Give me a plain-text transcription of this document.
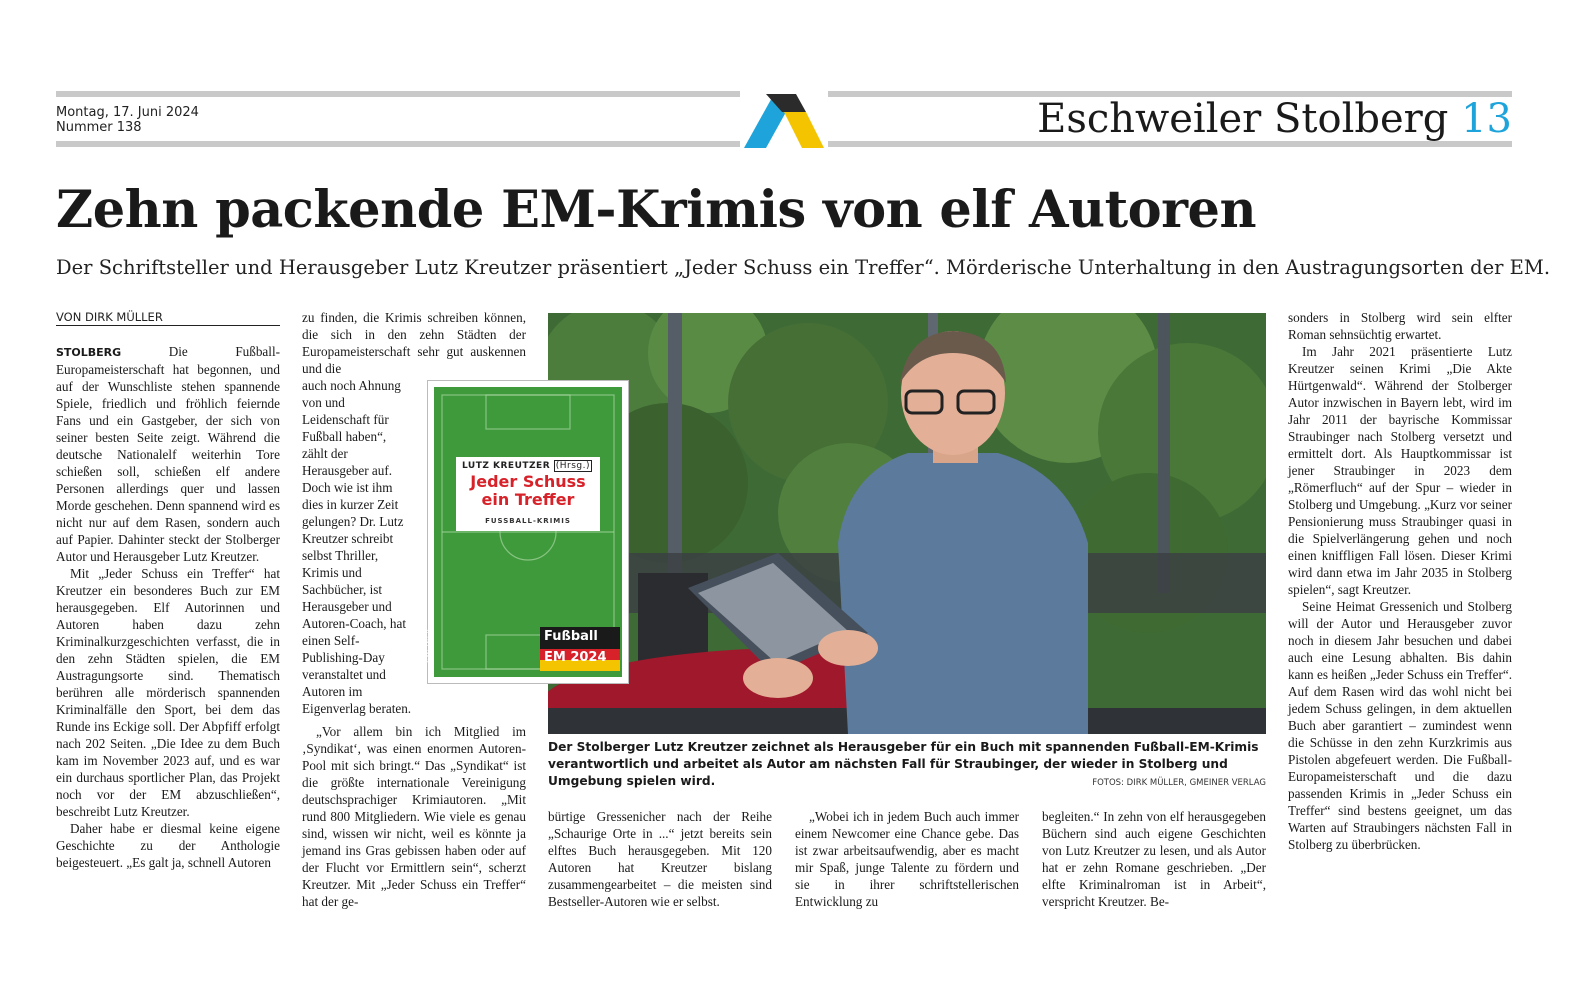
Montag, 17. Juni 2024
Nummer 138	Eschweiler Stolberg 13
Zehn packende EM-Krimis von elf Autoren
Der Schriftsteller und Herausgeber Lutz Kreutzer präsentiert „Jeder Schuss ein Treffer“. Mörderische Unterhaltung in den Austragungsorten der EM.
VON DIRK MÜLLER

STOLBERG	Die Fußball-Europameisterschaft hat begonnen, und auf der Wunschliste stehen spannende Spiele, friedlich und fröhlich feiernde Fans und ein Gastgeber, der sich von seiner besten Seite zeigt. Während die deutsche Nationalelf weiterhin Tore schießen soll, schießen elf andere Personen allerdings quer und lassen Morde geschehen. Denn spannend wird es nicht nur auf dem Rasen, sondern auch auf Papier. Dahinter steckt der Stolberger Autor und Herausgeber Lutz Kreutzer.

Mit „Jeder Schuss ein Treffer“ hat Kreutzer ein besonderes Buch zur EM herausgegeben. Elf Autorinnen und Autoren haben dazu zehn Kriminalkurzgeschichten verfasst, die in den zehn Städten spielen, die EM Austragungsorte sind. Thematisch berühren alle mörderisch spannenden Kriminalfälle den Sport, bei dem das Runde ins Eckige soll. Der Abpfiff erfolgt nach 202 Seiten. „Die Idee zu dem Buch kam im November 2023 auf, und es war ein durchaus sportlicher Plan, das Projekt noch vor der EM abzuschließen“, beschreibt Lutz Kreutzer.

Daher habe er diesmal keine eigene Geschichte zu der Anthologie beigesteuert. „Es galt ja, schnell Autoren

zu finden, die Krimis schreiben können, die sich in den zehn Städten der Europameisterschaft sehr gut auskennen und die

auch noch Ahnung von und Leidenschaft für Fußball haben“, zählt der Herausgeber auf. Doch wie ist ihm dies in kurzer Zeit gelungen? Dr. Lutz Kreutzer schreibt selbst Thriller, Krimis und Sachbücher, ist Herausgeber und Autoren-Coach, hat einen Self-Publishing-Day veranstaltet und Autoren im Eigenverlag beraten.

„Vor allem bin ich Mitglied im ‚Syndikat‘, was einen enormen Autoren-Pool mit sich bringt.“ Das „Syndikat“ ist die größte internationale Vereinigung deutschsprachiger Krimiautoren. „Mit rund 800 Mitgliedern. Wie viele es genau sind, wissen wir nicht, weil es könnte ja jemand ins Gras gebissen haben oder auf der Flucht vor Ermittlern sein“, scherzt Kreutzer. Mit „Jeder Schuss ein Treffer“ hat der ge-

LUTZ KREUTZER (Hrsg.)
Jeder Schuss ein Treffer
FUSSBALL-KRIMIS
Fußball
EM 2024
GMEINER
Der Stolberger Lutz Kreutzer zeichnet als Herausgeber für ein Buch mit spannenden Fußball-EM-Krimis verantwortlich und arbeitet als Autor am nächsten Fall für Straubinger, der wieder in Stolberg und Umgebung spielen wird.	FOTOS: DIRK MÜLLER, GMEINER VERLAG

bürtige Gressenicher nach der Reihe „Schaurige Orte in ...“ jetzt bereits sein elftes Buch herausgegeben. Mit 120 Autoren hat Kreutzer bislang zusammengearbeitet – die meisten sind Bestseller-Autoren wie er selbst.

„Wobei ich in jedem Buch auch immer einem Newcomer eine Chance gebe. Das ist zwar arbeitsaufwendig, aber es macht mir Spaß, junge Talente zu fördern und sie in ihrer schriftstellerischen Entwicklung zu

begleiten.“ In zehn von elf herausgegeben Büchern sind auch eigene Geschichten von Lutz Kreutzer zu lesen, und als Autor hat er zehn Romane geschrieben. „Der elfte Kriminalroman ist in Arbeit“, verspricht Kreutzer. Be-

sonders in Stolberg wird sein elfter Roman sehnsüchtig erwartet.

Im Jahr 2021 präsentierte Lutz Kreutzer seinen Krimi „Die Akte Hürtgenwald“. Während der Stolberger Autor inzwischen in Bayern lebt, wird im Jahr 2011 der bayrische Kommissar Straubinger nach Stolberg versetzt und ermittelt dort. Als Hauptkommissar ist jener Straubinger in 2023 dem „Römerfluch“ auf der Spur – wieder in Stolberg und Umgebung. „Kurz vor seiner Pensionierung muss Straubinger quasi in die Spielverlängerung gehen und noch einen kniffligen Fall lösen. Dieser Krimi wird dann etwa im Jahr 2035 in Stolberg spielen“, sagt Kreutzer.

Seine Heimat Gressenich und Stolberg will der Autor und Herausgeber zuvor noch in diesem Jahr besuchen und dabei auch eine Lesung abhalten. Bis dahin kann es heißen „Jeder Schuss ein Treffer“. Auf dem Rasen wird das wohl nicht bei jedem Schuss gelingen, in dem aktuellen Buch aber garantiert – zumindest wenn die Schüsse in den zehn Kurzkrimis aus Pistolen abgefeuert werden. Die Fußball-Europameisterschaft und die dazu passenden Krimis in „Jeder Schuss ein Treffer“ sind bestens geeignet, um das Warten auf Straubingers nächsten Fall in Stolberg zu überbrücken.
